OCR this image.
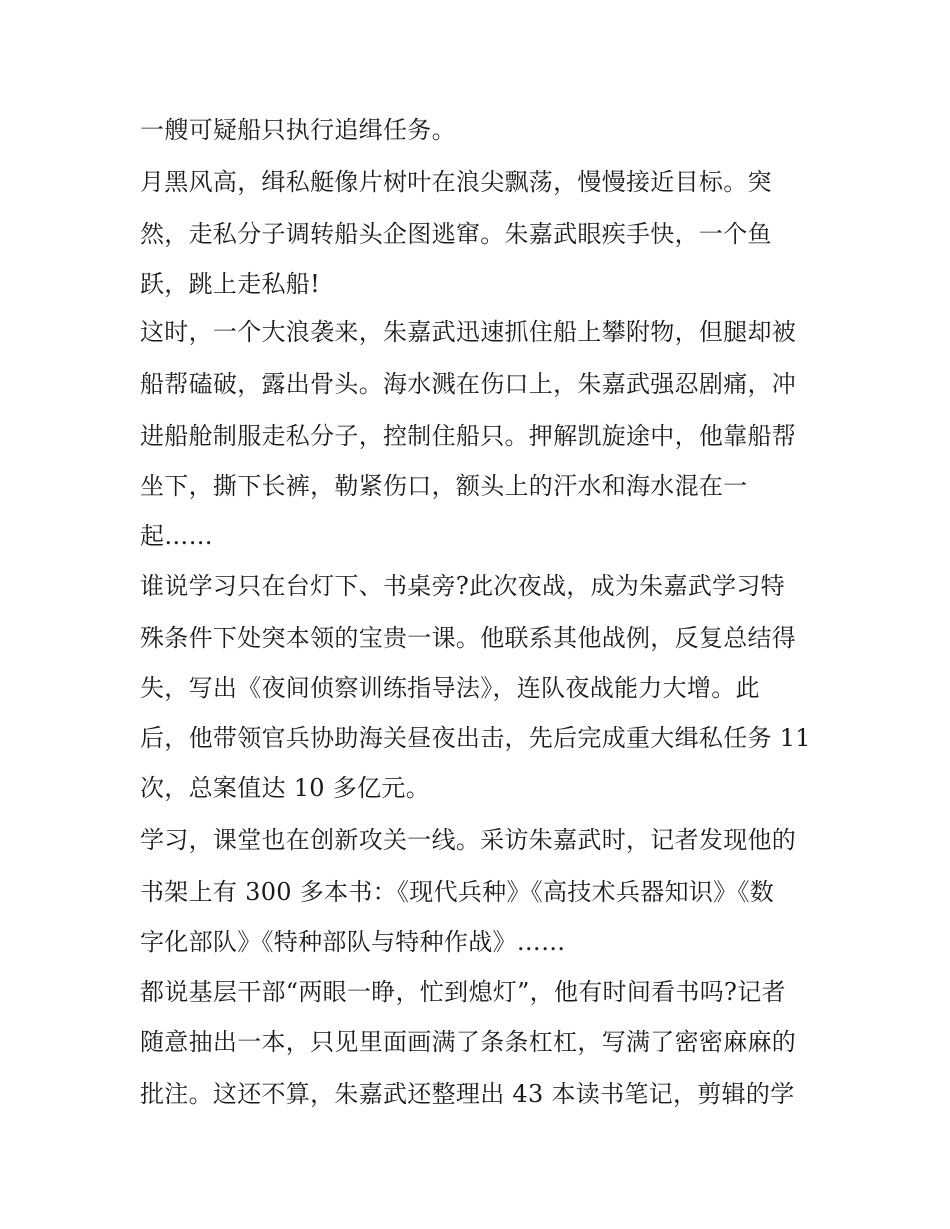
一艘可疑船只执行追缉任务。
月黑风高，缉私艇像片树叶在浪尖飘荡，慢慢接近目标。突
然，走私分子调转船头企图逃窜。朱嘉武眼疾手快，一个鱼
跃，跳上走私船!
这时，一个大浪袭来，朱嘉武迅速抓住船上攀附物，但腿却被
船帮磕破，露出骨头。海水溅在伤口上，朱嘉武强忍剧痛，冲
进船舱制服走私分子，控制住船只。押解凯旋途中，他靠船帮
坐下，撕下长裤，勒紧伤口，额头上的汗水和海水混在一
起……
谁说学习只在台灯下、书桌旁?此次夜战，成为朱嘉武学习特
殊条件下处突本领的宝贵一课。他联系其他战例，反复总结得
失，写出《夜间侦察训练指导法》，连队夜战能力大增。此
后，他带领官兵协助海关昼夜出击，先后完成重大缉私任务 11
次，总案值达 10 多亿元。
学习，课堂也在创新攻关一线。采访朱嘉武时，记者发现他的
书架上有 300 多本书：《现代兵种》《高技术兵器知识》《数
字化部队》《特种部队与特种作战》……
都说基层干部“两眼一睁，忙到熄灯”，他有时间看书吗?记者
随意抽出一本，只见里面画满了条条杠杠，写满了密密麻麻的
批注。这还不算，朱嘉武还整理出 43 本读书笔记，剪辑的学
